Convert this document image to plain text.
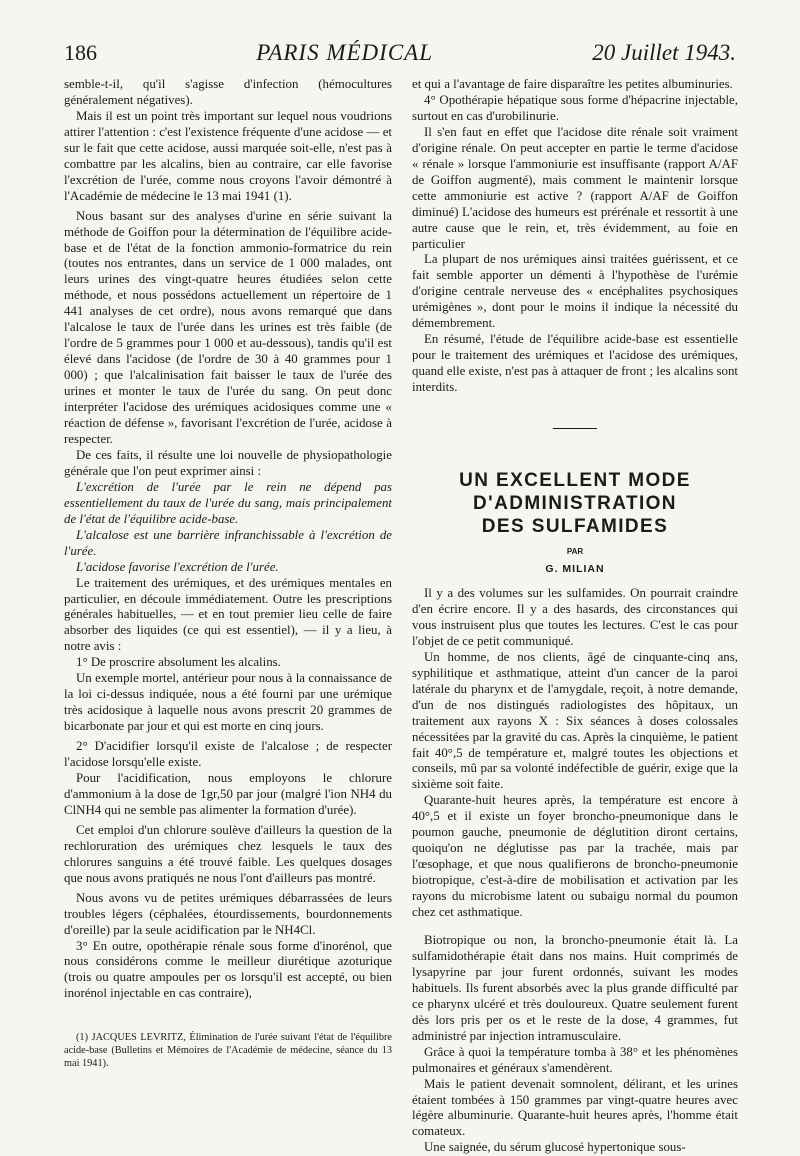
186	PARIS MÉDICAL	20 Juillet 1943.

semble-t-il, qu'il s'agisse d'infection (hémocultures généralement négatives).

Mais il est un point très important sur lequel nous voudrions attirer l'attention : c'est l'existence fréquente d'une acidose — et sur le fait que cette acidose, aussi marquée soit-elle, n'est pas à combattre par les alcalins, bien au contraire, car elle favorise l'excrétion de l'urée, comme nous croyons l'avoir démontré à l'Académie de médecine le 13 mai 1941 (1).

Nous basant sur des analyses d'urine en série suivant la méthode de Goiffon pour la détermination de l'équilibre acide-base et de l'état de la fonction ammonio-formatrice du rein (toutes nos entrantes, dans un service de 1 000 malades, ont leurs urines des vingt-quatre heures étudiées selon cette méthode, et nous possédons actuellement un répertoire de 1 441 analyses de cet ordre), nous avons remarqué que dans l'alcalose le taux de l'urée dans les urines est très faible (de l'ordre de 5 grammes pour 1 000 et au-dessous), tandis qu'il est élevé dans l'acidose (de l'ordre de 30 à 40 grammes pour 1 000) ; que l'alcalinisation fait baisser le taux de l'urée des urines et monter le taux de l'urée du sang. On peut donc interpréter l'acidose des urémiques acidosiques comme une « réaction de défense », favorisant l'excrétion de l'urée, acidose à respecter.

De ces faits, il résulte une loi nouvelle de physiopathologie générale que l'on peut exprimer ainsi :

L'excrétion de l'urée par le rein ne dépend pas essentiellement du taux de l'urée du sang, mais principalement de l'état de l'équilibre acide-base.

L'alcalose est une barrière infranchissable à l'excrétion de l'urée.

L'acidose favorise l'excrétion de l'urée.

Le traitement des urémiques, et des urémiques mentales en particulier, en découle immédiatement. Outre les prescriptions générales habituelles, — et en tout premier lieu celle de faire absorber des liquides (ce qui est essentiel), — il y a lieu, à notre avis :

1° De proscrire absolument les alcalins.

Un exemple mortel, antérieur pour nous à la connaissance de la loi ci-dessus indiquée, nous a été fourni par une urémique très acidosique à laquelle nous avons prescrit 20 grammes de bicarbonate par jour et qui est morte en cinq jours.

2° D'acidifier lorsqu'il existe de l'alcalose ; de respecter l'acidose lorsqu'elle existe.

Pour l'acidification, nous employons le chlorure d'ammonium à la dose de 1gr,50 par jour (malgré l'ion NH4 du ClNH4 qui ne semble pas alimenter la formation d'urée).

Cet emploi d'un chlorure soulève d'ailleurs la question de la rechloruration des urémiques chez lesquels le taux des chlorures sanguins a été trouvé faible. Les quelques dosages que nous avons pratiqués ne nous l'ont d'ailleurs pas montré.

Nous avons vu de petites urémiques débarrassées de leurs troubles légers (céphalées, étourdissements, bourdonnements d'oreille) par la seule acidification par le NH4Cl.

3° En outre, opothérapie rénale sous forme d'inorénol, que nous considérons comme le meilleur diurétique azoturique (trois ou quatre ampoules per os lorsqu'il est accepté, ou bien inorénol injectable en cas contraire),

(1) JACQUES LEVRITZ, Élimination de l'urée suivant l'état de l'équilibre acide-base (Bulletins et Mémoires de l'Académie de médecine, séance du 13 mai 1941).

et qui a l'avantage de faire disparaître les petites albuminuries.

4° Opothérapie hépatique sous forme d'hépacrine injectable, surtout en cas d'urobilinurie.

Il s'en faut en effet que l'acidose dite rénale soit vraiment d'origine rénale. On peut accepter en partie le terme d'acidose « rénale » lorsque l'ammoniurie est insuffisante (rapport A/AF de Goiffon augmenté), mais comment le maintenir lorsque cette ammoniurie est active ? (rapport A/AF de Goiffon diminué) L'acidose des humeurs est prérénale et ressortit à une autre cause que le rein, et, très évidemment, au foie en particulier

La plupart de nos urémiques ainsi traitées guérissent, et ce fait semble apporter un démenti à l'hypothèse de l'urémie d'origine centrale nerveuse des « encéphalites psychosiques urémigènes », dont pour le moins il indique la nécessité du démembrement.

En résumé, l'étude de l'équilibre acide-base est essentielle pour le traitement des urémiques et l'acidose des urémiques, quand elle existe, n'est pas à attaquer de front ; les alcalins sont interdits.

UN EXCELLENT MODE
D'ADMINISTRATION
DES SULFAMIDES
PAR
G. MILIAN

Il y a des volumes sur les sulfamides. On pourrait craindre d'en écrire encore. Il y a des hasards, des circonstances qui vous instruisent plus que toutes les lectures. C'est le cas pour l'objet de ce petit communiqué.

Un homme, de nos clients, âgé de cinquante-cinq ans, syphilitique et asthmatique, atteint d'un cancer de la paroi latérale du pharynx et de l'amygdale, reçoit, à notre demande, d'un de nos distingués radiologistes des hôpitaux, un traitement aux rayons X : Six séances à doses colossales nécessitées par la gravité du cas. Après la cinquième, le patient fait 40°,5 de température et, malgré toutes les objections et conseils, mû par sa volonté indéfectible de guérir, exige que la sixième soit faite.

Quarante-huit heures après, la température est encore à 40°,5 et il existe un foyer broncho-pneumonique dans le poumon gauche, pneumonie de déglutition diront certains, quoiqu'on ne déglutisse pas par la trachée, mais par l'œsophage, et que nous qualifierons de broncho-pneumonie biotropique, c'est-à-dire de mobilisation et activation par les rayons du microbisme latent ou subaigu normal du poumon chez cet asthmatique.

Biotropique ou non, la broncho-pneumonie était là. La sulfamidothérapie était dans nos mains. Huit comprimés de lysapyrine par jour furent ordonnés, suivant les modes habituels. Ils furent absorbés avec la plus grande difficulté par ce pharynx ulcéré et très douloureux. Quatre seulement furent dès lors pris per os et le reste de la dose, 4 grammes, fut administré par injection intramusculaire.

Grâce à quoi la température tomba à 38° et les phénomènes pulmonaires et généraux s'amendèrent.

Mais le patient devenait somnolent, délirant, et les urines étaient tombées à 150 grammes par vingt-quatre heures avec légère albuminurie. Quarante-huit heures après, l'homme était comateux.

Une saignée, du sérum glucosé hypertonique sous-
